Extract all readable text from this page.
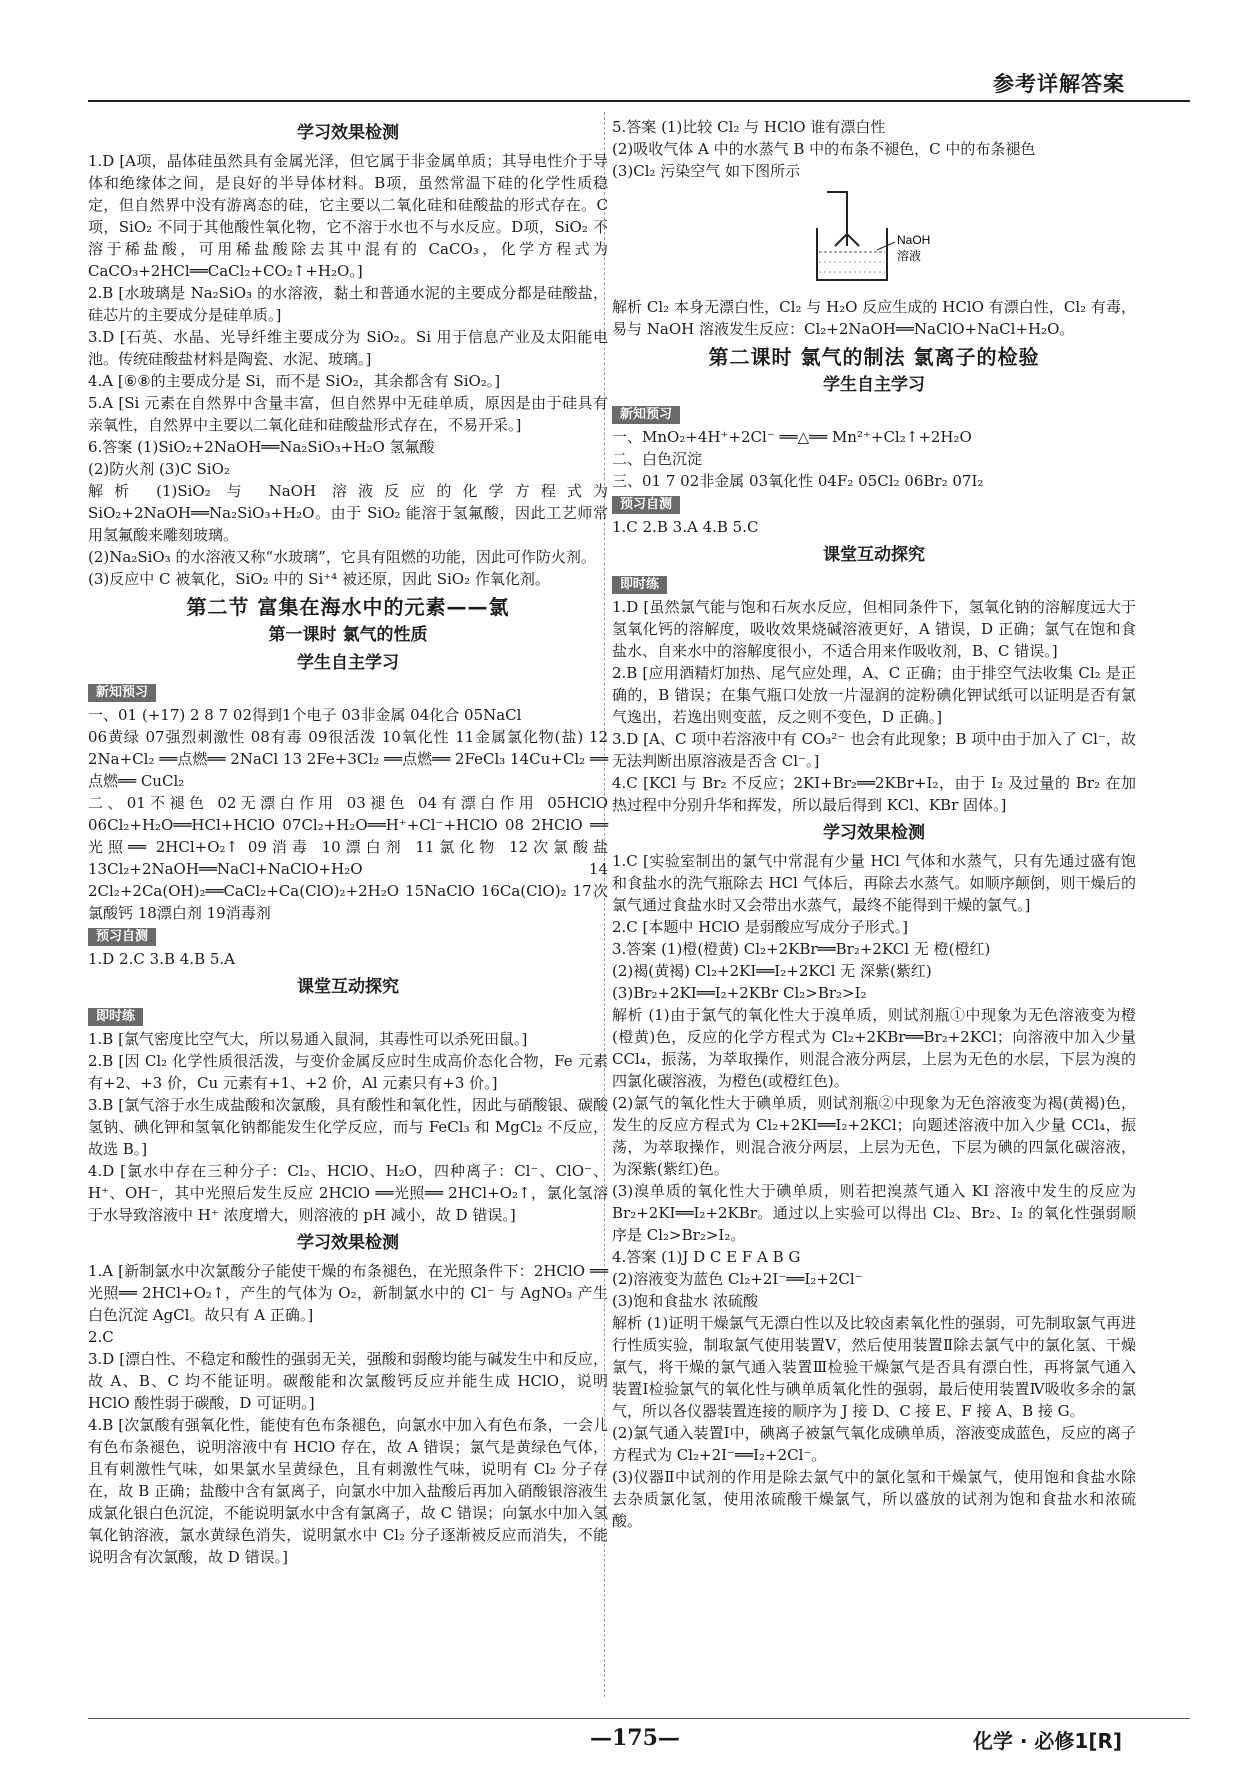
参考详解答案
学习效果检测

1.D [A项，晶体硅虽然具有金属光泽，但它属于非金属单质；其导电性介于导体和绝缘体之间，是良好的半导体材料。B项，虽然常温下硅的化学性质稳定，但自然界中没有游离态的硅，它主要以二氧化硅和硅酸盐的形式存在。C项，SiO₂ 不同于其他酸性氧化物，它不溶于水也不与水反应。D项，SiO₂ 不溶于稀盐酸，可用稀盐酸除去其中混有的 CaCO₃，化学方程式为 CaCO₃+2HCl══CaCl₂+CO₂↑+H₂O。]

2.B [水玻璃是 Na₂SiO₃ 的水溶液，黏土和普通水泥的主要成分都是硅酸盐，硅芯片的主要成分是硅单质。]

3.D [石英、水晶、光导纤维主要成分为 SiO₂。Si 用于信息产业及太阳能电池。传统硅酸盐材料是陶瓷、水泥、玻璃。]

4.A [⑥⑧的主要成分是 Si，而不是 SiO₂，其余都含有 SiO₂。]

5.A [Si 元素在自然界中含量丰富，但自然界中无硅单质，原因是由于硅具有亲氧性，自然界中主要以二氧化硅和硅酸盐形式存在，不易开采。]

6.答案 (1)SiO₂+2NaOH══Na₂SiO₃+H₂O 氢氟酸

(2)防火剂 (3)C SiO₂

解析 (1)SiO₂ 与 NaOH 溶液反应的化学方程式为 SiO₂+2NaOH══Na₂SiO₃+H₂O。由于 SiO₂ 能溶于氢氟酸，因此工艺师常用氢氟酸来雕刻玻璃。

(2)Na₂SiO₃ 的水溶液又称“水玻璃”，它具有阻燃的功能，因此可作防火剂。

(3)反应中 C 被氧化，SiO₂ 中的 Si⁺⁴ 被还原，因此 SiO₂ 作氧化剂。

第二节 富集在海水中的元素——氯
第一课时 氯气的性质
学生自主学习
新知预习

一、01 (+17) 2 8 7 02得到1个电子 03非金属 04化合 05NaCl

06黄绿 07强烈刺激性 08有毒 09很活泼 10氧化性 11金属氯化物(盐) 12 2Na+Cl₂ ══点燃══ 2NaCl 13 2Fe+3Cl₂ ══点燃══ 2FeCl₃ 14Cu+Cl₂ ══点燃══ CuCl₂

二、01不褪色 02无漂白作用 03褪色 04有漂白作用 05HClO 06Cl₂+H₂O══HCl+HClO 07Cl₂+H₂O══H⁺+Cl⁻+HClO 08 2HClO ══光照══ 2HCl+O₂↑ 09消毒 10漂白剂 11氯化物 12次氯酸盐 13Cl₂+2NaOH══NaCl+NaClO+H₂O 14 2Cl₂+2Ca(OH)₂══CaCl₂+Ca(ClO)₂+2H₂O 15NaClO 16Ca(ClO)₂ 17次氯酸钙 18漂白剂 19消毒剂

预习自测

1.D 2.C 3.B 4.B 5.A

课堂互动探究
即时练

1.B [氯气密度比空气大，所以易通入鼠洞，其毒性可以杀死田鼠。]

2.B [因 Cl₂ 化学性质很活泼，与变价金属反应时生成高价态化合物，Fe 元素有+2、+3 价，Cu 元素有+1、+2 价，Al 元素只有+3 价。]

3.B [氯气溶于水生成盐酸和次氯酸，具有酸性和氧化性，因此与硝酸银、碳酸氢钠、碘化钾和氢氧化钠都能发生化学反应，而与 FeCl₃ 和 MgCl₂ 不反应，故选 B。]

4.D [氯水中存在三种分子：Cl₂、HClO、H₂O，四种离子：Cl⁻、ClO⁻、H⁺、OH⁻，其中光照后发生反应 2HClO ══光照══ 2HCl+O₂↑，氯化氢溶于水导致溶液中 H⁺ 浓度增大，则溶液的 pH 减小，故 D 错误。]

学习效果检测

1.A [新制氯水中次氯酸分子能使干燥的布条褪色，在光照条件下：2HClO ══光照══ 2HCl+O₂↑，产生的气体为 O₂，新制氯水中的 Cl⁻ 与 AgNO₃ 产生白色沉淀 AgCl。故只有 A 正确。]

2.C

3.D [漂白性、不稳定和酸性的强弱无关，强酸和弱酸均能与碱发生中和反应，故 A、B、C 均不能证明。碳酸能和次氯酸钙反应并能生成 HClO，说明 HClO 酸性弱于碳酸，D 可证明。]

4.B [次氯酸有强氧化性，能使有色布条褪色，向氯水中加入有色布条，一会儿有色布条褪色，说明溶液中有 HClO 存在，故 A 错误；氯气是黄绿色气体，且有刺激性气味，如果氯水呈黄绿色，且有刺激性气味，说明有 Cl₂ 分子存在，故 B 正确；盐酸中含有氯离子，向氯水中加入盐酸后再加入硝酸银溶液生成氯化银白色沉淀，不能说明氯水中含有氯离子，故 C 错误；向氯水中加入氢氧化钠溶液，氯水黄绿色消失，说明氯水中 Cl₂ 分子逐渐被反应而消失，不能说明含有次氯酸，故 D 错误。]

5.答案 (1)比较 Cl₂ 与 HClO 谁有漂白性

(2)吸收气体 A 中的水蒸气 B 中的布条不褪色，C 中的布条褪色

(3)Cl₂ 污染空气 如下图所示

NaOH
溶液

解析 Cl₂ 本身无漂白性，Cl₂ 与 H₂O 反应生成的 HClO 有漂白性，Cl₂ 有毒，易与 NaOH 溶液发生反应：Cl₂+2NaOH══NaClO+NaCl+H₂O。

第二课时 氯气的制法 氯离子的检验
学生自主学习
新知预习

一、MnO₂+4H⁺+2Cl⁻ ══△══ Mn²⁺+Cl₂↑+2H₂O

二、白色沉淀

三、01 7 02非金属 03氧化性 04F₂ 05Cl₂ 06Br₂ 07I₂

预习自测

1.C 2.B 3.A 4.B 5.C

课堂互动探究
即时练

1.D [虽然氯气能与饱和石灰水反应，但相同条件下，氢氧化钠的溶解度远大于氢氧化钙的溶解度，吸收效果烧碱溶液更好，A 错误，D 正确；氯气在饱和食盐水、自来水中的溶解度很小，不适合用来作吸收剂，B、C 错误。]

2.B [应用酒精灯加热、尾气应处理，A、C 正确；由于排空气法收集 Cl₂ 是正确的，B 错误；在集气瓶口处放一片湿润的淀粉碘化钾试纸可以证明是否有氯气逸出，若逸出则变蓝，反之则不变色，D 正确。]

3.D [A、C 项中若溶液中有 CO₃²⁻ 也会有此现象；B 项中由于加入了 Cl⁻，故无法判断出原溶液是否含 Cl⁻。]

4.C [KCl 与 Br₂ 不反应；2KI+Br₂══2KBr+I₂，由于 I₂ 及过量的 Br₂ 在加热过程中分别升华和挥发，所以最后得到 KCl、KBr 固体。]

学习效果检测

1.C [实验室制出的氯气中常混有少量 HCl 气体和水蒸气，只有先通过盛有饱和食盐水的洗气瓶除去 HCl 气体后，再除去水蒸气。如顺序颠倒，则干燥后的氯气通过食盐水时又会带出水蒸气，最终不能得到干燥的氯气。]

2.C [本题中 HClO 是弱酸应写成分子形式。]

3.答案 (1)橙(橙黄) Cl₂+2KBr══Br₂+2KCl 无 橙(橙红)

(2)褐(黄褐) Cl₂+2KI══I₂+2KCl 无 深紫(紫红)

(3)Br₂+2KI══I₂+2KBr Cl₂>Br₂>I₂

解析 (1)由于氯气的氧化性大于溴单质，则试剂瓶①中现象为无色溶液变为橙(橙黄)色，反应的化学方程式为 Cl₂+2KBr══Br₂+2KCl；向溶液中加入少量 CCl₄，振荡，为萃取操作，则混合液分两层，上层为无色的水层，下层为溴的四氯化碳溶液，为橙色(或橙红色)。

(2)氯气的氧化性大于碘单质，则试剂瓶②中现象为无色溶液变为褐(黄褐)色，发生的反应方程式为 Cl₂+2KI══I₂+2KCl；向题述溶液中加入少量 CCl₄，振荡，为萃取操作，则混合液分两层，上层为无色，下层为碘的四氯化碳溶液，为深紫(紫红)色。

(3)溴单质的氧化性大于碘单质，则若把溴蒸气通入 KI 溶液中发生的反应为 Br₂+2KI══I₂+2KBr。通过以上实验可以得出 Cl₂、Br₂、I₂ 的氧化性强弱顺序是 Cl₂>Br₂>I₂。

4.答案 (1)J D C E F A B G

(2)溶液变为蓝色 Cl₂+2I⁻══I₂+2Cl⁻

(3)饱和食盐水 浓硫酸

解析 (1)证明干燥氯气无漂白性以及比较卤素氧化性的强弱，可先制取氯气再进行性质实验，制取氯气使用装置Ⅴ，然后使用装置Ⅱ除去氯气中的氯化氢、干燥氯气，将干燥的氯气通入装置Ⅲ检验干燥氯气是否具有漂白性，再将氯气通入装置Ⅰ检验氯气的氧化性与碘单质氧化性的强弱，最后使用装置Ⅳ吸收多余的氯气，所以各仪器装置连接的顺序为 J 接 D、C 接 E、F 接 A、B 接 G。

(2)氯气通入装置Ⅰ中，碘离子被氯气氧化成碘单质，溶液变成蓝色，反应的离子方程式为 Cl₂+2I⁻══I₂+2Cl⁻。

(3)仪器Ⅱ中试剂的作用是除去氯气中的氯化氢和干燥氯气，使用饱和食盐水除去杂质氯化氢，使用浓硫酸干燥氯气，所以盛放的试剂为饱和食盐水和浓硫酸。

—175—	化学 · 必修1[R]
